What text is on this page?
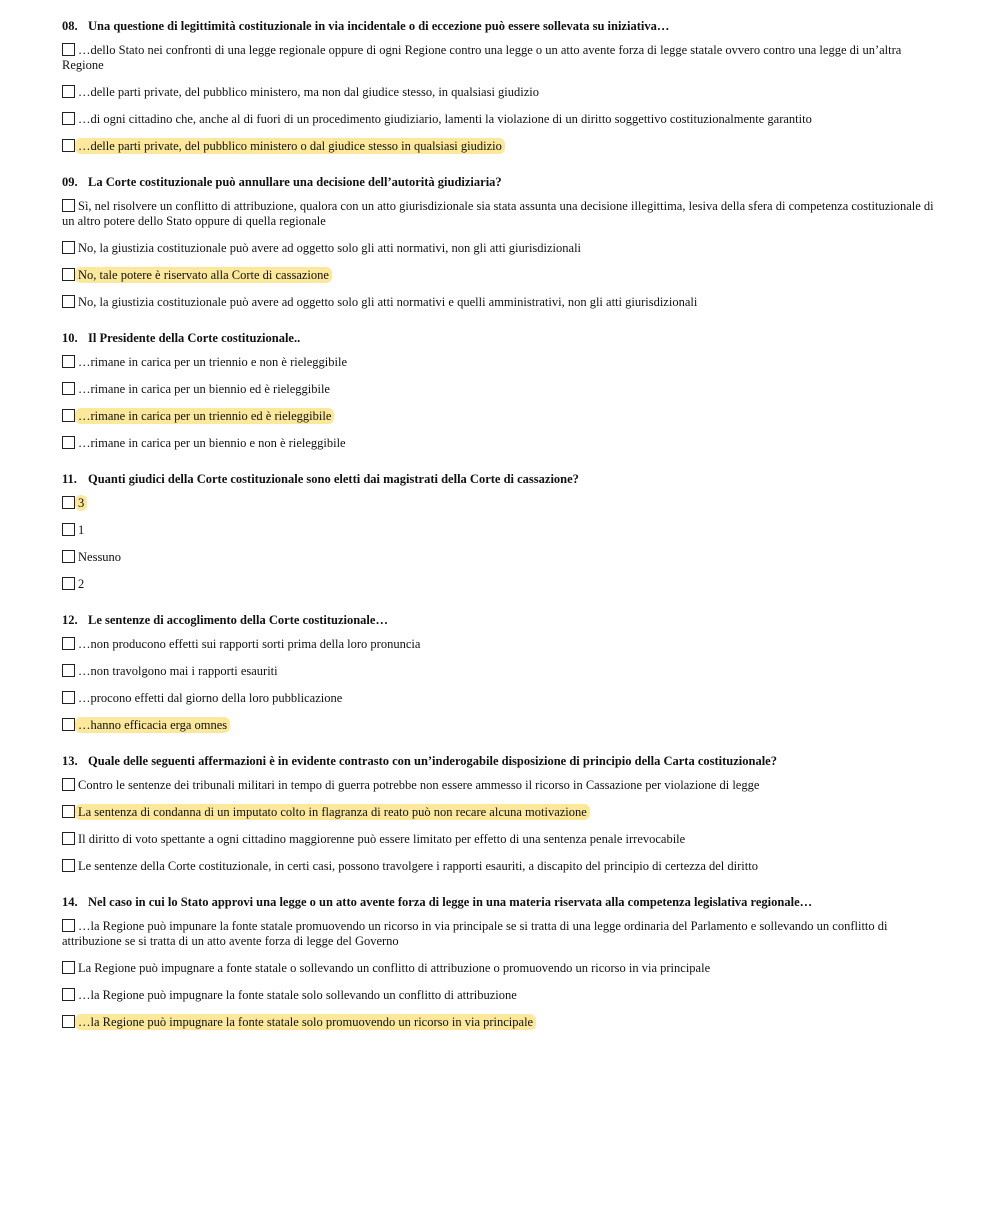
08. Una questione di legittimità costituzionale in via incidentale o di eccezione può essere sollevata su iniziativa…
…dello Stato nei confronti di una legge regionale oppure di ogni Regione contro una legge o un atto avente forza di legge statale ovvero contro una legge di un’altra Regione
…delle parti private, del pubblico ministero, ma non dal giudice stesso, in qualsiasi giudizio
…di ogni cittadino che, anche al di fuori di un procedimento giudiziario, lamenti la violazione di un diritto soggettivo costituzionalmente garantito
…delle parti private, del pubblico ministero o dal giudice stesso in qualsiasi giudizio
09. La Corte costituzionale può annullare una decisione dell’autorità giudiziaria?
Sì, nel risolvere un conflitto di attribuzione, qualora con un atto giurisdizionale sia stata assunta una decisione illegittima, lesiva della sfera di competenza costituzionale di un altro potere dello Stato oppure di quella regionale
No, la giustizia costituzionale può avere ad oggetto solo gli atti normativi, non gli atti giurisdizionali
No, tale potere è riservato alla Corte di cassazione
No, la giustizia costituzionale può avere ad oggetto solo gli atti normativi e quelli amministrativi, non gli atti giurisdizionali
10. Il Presidente della Corte costituzionale..
…rimane in carica per un triennio e non è rieleggibile
…rimane in carica per un biennio ed è rieleggibile
…rimane in carica per un triennio ed è rieleggibile
…rimane in carica per un biennio e non è rieleggibile
11. Quanti giudici della Corte costituzionale sono eletti dai magistrati della Corte di cassazione?
3
1
Nessuno
2
12. Le sentenze di accoglimento della Corte costituzionale…
…non producono effetti sui rapporti sorti prima della loro pronuncia
…non travolgono mai i rapporti esauriti
…procono effetti dal giorno della loro pubblicazione
…hanno efficacia erga omnes
13. Quale delle seguenti affermazioni è in evidente contrasto con un’inderogabile disposizione di principio della Carta costituzionale?
Contro le sentenze dei tribunali militari in tempo di guerra potrebbe non essere ammesso il ricorso in Cassazione per violazione di legge
La sentenza di condanna di un imputato colto in flagranza di reato può non recare alcuna motivazione
Il diritto di voto spettante a ogni cittadino maggiorenne può essere limitato per effetto di una sentenza penale irrevocabile
Le sentenze della Corte costituzionale, in certi casi, possono travolgere i rapporti esauriti, a discapito del principio di certezza del diritto
14. Nel caso in cui lo Stato approvi una legge o un atto avente forza di legge in una materia riservata alla competenza legislativa regionale…
…la Regione può impunare la fonte statale promuovendo un ricorso in via principale se si tratta di una legge ordinaria del Parlamento e sollevando un conflitto di attribuzione se si tratta di un atto avente forza di legge del Governo
La Regione può impugnare a fonte statale o sollevando un conflitto di attribuzione o promuovendo un ricorso in via principale
…la Regione può impugnare la fonte statale solo sollevando un conflitto di attribuzione
…la Regione può impugnare la fonte statale solo promuovendo un ricorso in via principale
